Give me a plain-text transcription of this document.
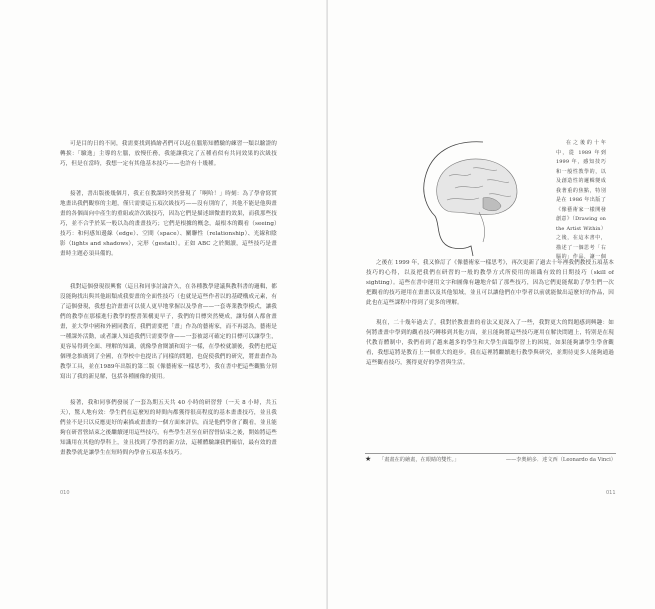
可是目的日的不同，我需要找到描繪者們可以起在腦筋知體驗的練習一類以驗證的轉捩：「驗逸」主導的左腦，放慢任務，我能讓我完了五種看似有共同效果的次級技巧，但是在當時，我想一定有其他基本技巧——也許有十幾種。

接著，書出版後幾個月，我正在教課時突然發現了「啊哈！」時刻：為了學會寫實地畫出我們觀察的主題，僅只需要這五項次級技巧——沒有別的了，其他不能是他與畫畫的各個面向中產生的重組或許次級技巧，因為它們是描述細微畫的效果，而我那些技巧，並不合乎於某一般以為的畫畫技巧；它們是根據的概念，最根本的觀看（seeing）技巧：和何感知邊線（edge）、空間（space）、關聯性（relationship）、光線和陰影（lights and shadows），完形（gestalt）。正如 ABC 之於閱讀，這些技巧是畫畫時主題必須具備的。

我對這個發現很興奮（這且和同事討論許久，在各種教學建議與教科書的邏輯，都沒能夠找出與其他組類成我要畫的全面性技巧（也就是這些作者以的基礎構成元素，有了這個發現，我想也許畫畫可以使人更早地掌握以及學會——一套專業教學模式，讓我們的教學在那樣進行教學的整書架構更早子，我們的目標突然變成，讓每個人都會畫畫，並大學中國和外國同教育，我們需要把「畫」作為的藝術家，而不再認為，藝術是一種課外活動，或者讓人知道我們只需要學會——一套被認可確定的目標可以讓學生，更容易得到全面、理解的知識，就像學會閱讀和寫字一樣，在學校就讀後，我們也把這個理念推廣到了全國，在學校中也提出了同樣的問題，也促使我們的研究，將畫畫作為教學工具，並在1989年出版的第二版《像藝術家一樣思考》，我在書中把這些觀點分別寫出了我的新見解，包括各種圖像的使用。

接著，我和同事們發展了一套為期五天共 40 小時的研習營（一天 8 小時，共五天），驚人地有效：學生們在這麼短的時間內都獲得很高程度的基本畫畫技巧，並且我們並不是只以反應更好的素描或畫畫的一個方面來評估，而是他們學會了觀看，並且能夠在研習營結束之後繼續運用這些技巧，有些學生甚至在研習營結束之後，開始將這些知識用在其他的學科上，並且找到了學習的新方法，這種體驗讓我們確信，最有效的畫畫教學就是讓學生在短時間內學會五項基本技巧。

010

在之後的十年中，從 1989 年到 1999 年，感知技巧和一般性教學的，以及創造性的邏輯變成我著重的焦點，特別是在 1986 年出版了《像藝術家一樣開發創意》（Drawing on the Artist Within）之後，在這本書中，描述了一個思考「右腦的」作品，讓一個

之後在 1999 年，我又修訂了《像藝術家一樣思考》，再次更新了過去十年裡我們教授五項基本技巧的心得，以及把我們在研習的一般的教學方式所使用的組織有效的日期技巧（skill of sighting）。這些在書中運用文字和圖像有趣地介紹了那些技巧，因為它們更能幫助了學生們一次把觀看的技巧運用在畫畫以及其他領域，並且可以讓他們在中學者以前就能做出這麼好的作品，因此也在這些課程中得到了更多的理解。

現在，二十幾年過去了，我對於教畫畫的看法又更深入了一些，我對更大的問題感到興趣：如何將畫畫中學到的觀看技巧轉移到其他方面，並且能夠將這些技巧運用在解決問題上，特別是在現代教育體制中，我們看到了越來越多的學生和大學生面臨學習上的困境，如果能夠讓學生學會觀看，我想這將是教育上一個重大的進步。我在這裡將繼續進行教學與研究，並期待更多人能夠通過這些觀看技巧，獲得更好的學習與生活。

011
★ 「畫畫在的繪畫，在眼睛的雙性。」	——李奧納多．達文西（Leonardo da Vinci）
